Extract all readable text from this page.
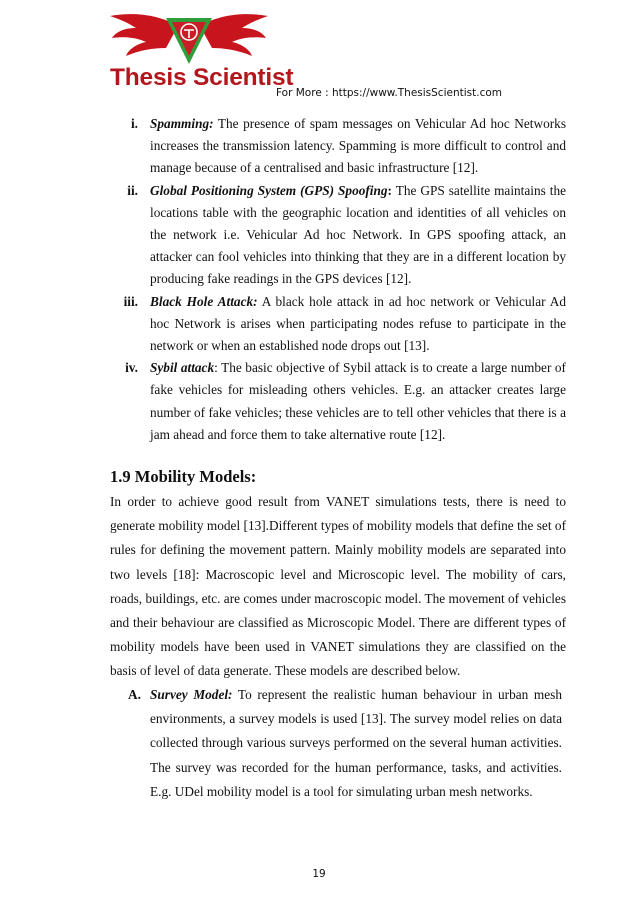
Thesis Scientist
For More : https://www.ThesisScientist.com
i. Spamming: The presence of spam messages on Vehicular Ad hoc Networks increases the transmission latency. Spamming is more difficult to control and manage because of a centralised and basic infrastructure [12].
ii. Global Positioning System (GPS) Spoofing: The GPS satellite maintains the locations table with the geographic location and identities of all vehicles on the network i.e. Vehicular Ad hoc Network. In GPS spoofing attack, an attacker can fool vehicles into thinking that they are in a different location by producing fake readings in the GPS devices [12].
iii. Black Hole Attack: A black hole attack in ad hoc network or Vehicular Ad hoc Network is arises when participating nodes refuse to participate in the network or when an established node drops out [13].
iv. Sybil attack: The basic objective of Sybil attack is to create a large number of fake vehicles for misleading others vehicles. E.g. an attacker creates large number of fake vehicles; these vehicles are to tell other vehicles that there is a jam ahead and force them to take alternative route [12].
1.9 Mobility Models:

In order to achieve good result from VANET simulations tests, there is need to generate mobility model [13].Different types of mobility models that define the set of rules for defining the movement pattern. Mainly mobility models are separated into two levels [18]: Macroscopic level and Microscopic level. The mobility of cars, roads, buildings, etc. are comes under macroscopic model. The movement of vehicles and their behaviour are classified as Microscopic Model. There are different types of mobility models have been used in VANET simulations they are classified on the basis of level of data generate. These models are described below.

A. Survey Model: To represent the realistic human behaviour in urban mesh environments, a survey models is used [13]. The survey model relies on data collected through various surveys performed on the several human activities. The survey was recorded for the human performance, tasks, and activities. E.g. UDel mobility model is a tool for simulating urban mesh networks.
19
